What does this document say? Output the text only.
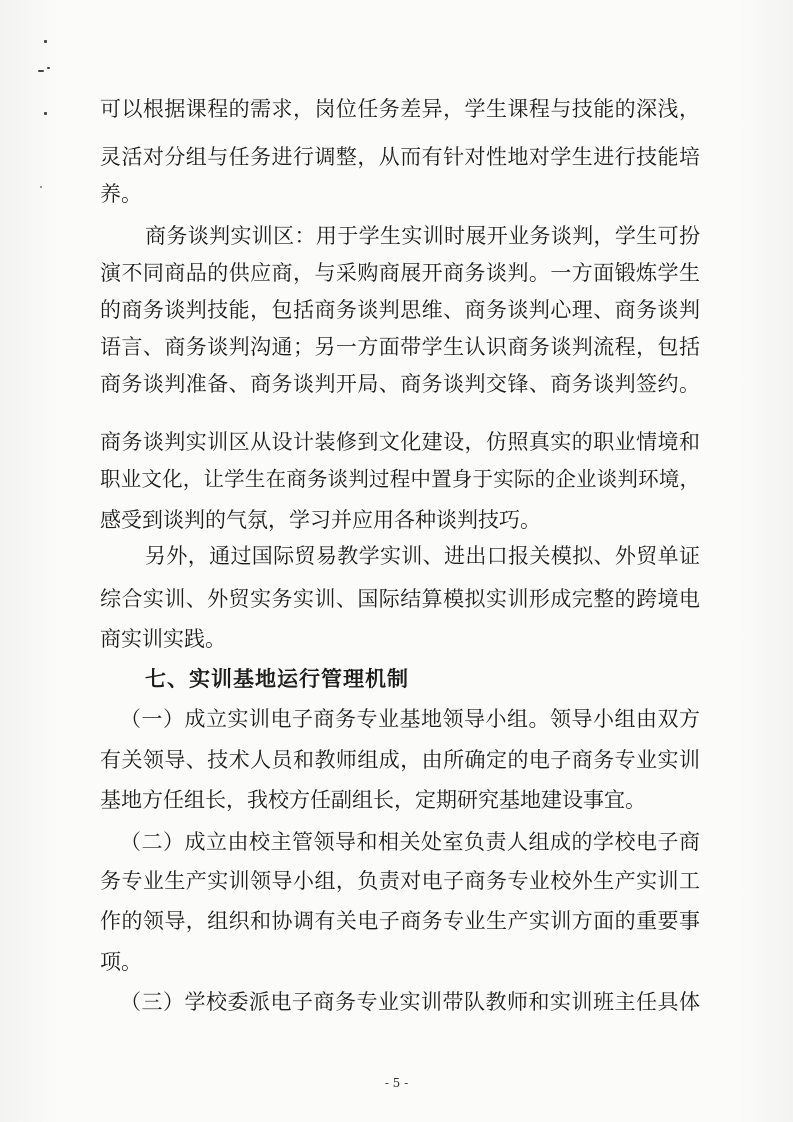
可以根据课程的需求，岗位任务差异，学生课程与技能的深浅，
灵活对分组与任务进行调整，从而有针对性地对学生进行技能培
养。
商务谈判实训区：用于学生实训时展开业务谈判，学生可扮
演不同商品的供应商，与采购商展开商务谈判。一方面锻炼学生
的商务谈判技能，包括商务谈判思维、商务谈判心理、商务谈判
语言、商务谈判沟通；另一方面带学生认识商务谈判流程，包括
商务谈判准备、商务谈判开局、商务谈判交锋、商务谈判签约。
商务谈判实训区从设计装修到文化建设，仿照真实的职业情境和
职业文化，让学生在商务谈判过程中置身于实际的企业谈判环境，
感受到谈判的气氛，学习并应用各种谈判技巧。
另外，通过国际贸易教学实训、进出口报关模拟、外贸单证
综合实训、外贸实务实训、国际结算模拟实训形成完整的跨境电
商实训实践。
七、实训基地运行管理机制
（一）成立实训电子商务专业基地领导小组。领导小组由双方
有关领导、技术人员和教师组成，由所确定的电子商务专业实训
基地方任组长，我校方任副组长，定期研究基地建设事宜。
（二）成立由校主管领导和相关处室负责人组成的学校电子商
务专业生产实训领导小组，负责对电子商务专业校外生产实训工
作的领导，组织和协调有关电子商务专业生产实训方面的重要事
项。
（三）学校委派电子商务专业实训带队教师和实训班主任具体
- 5 -
